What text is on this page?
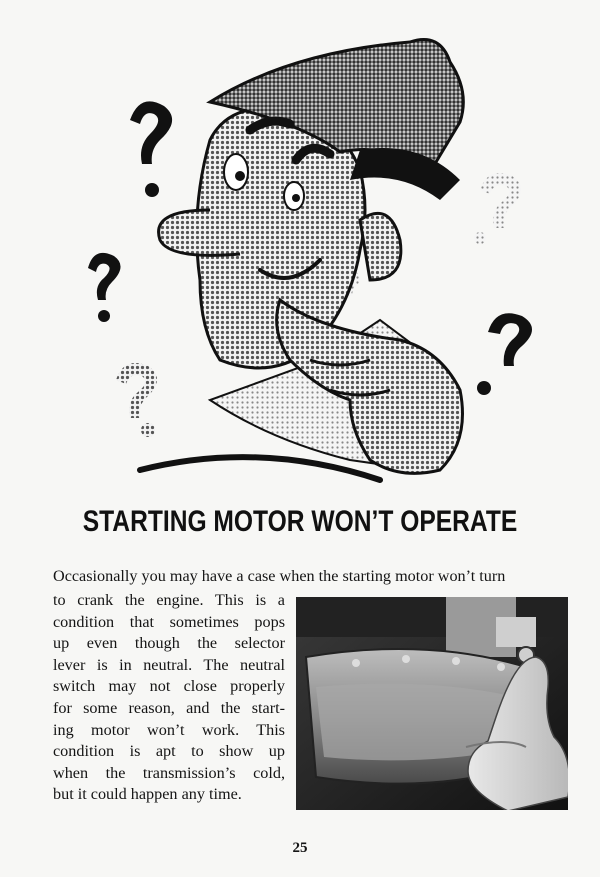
STARTING MOTOR WON’T OPERATE
Occasionally you may have a case when the starting motor won’t turn
to crank the engine. This is a
condition that sometimes pops
up even though the selector
lever is in neutral. The neutral
switch may not close properly
for some reason, and the start-
ing motor won’t work. This
condition is apt to show up
when the transmission’s cold,
but it could happen any time.
25
